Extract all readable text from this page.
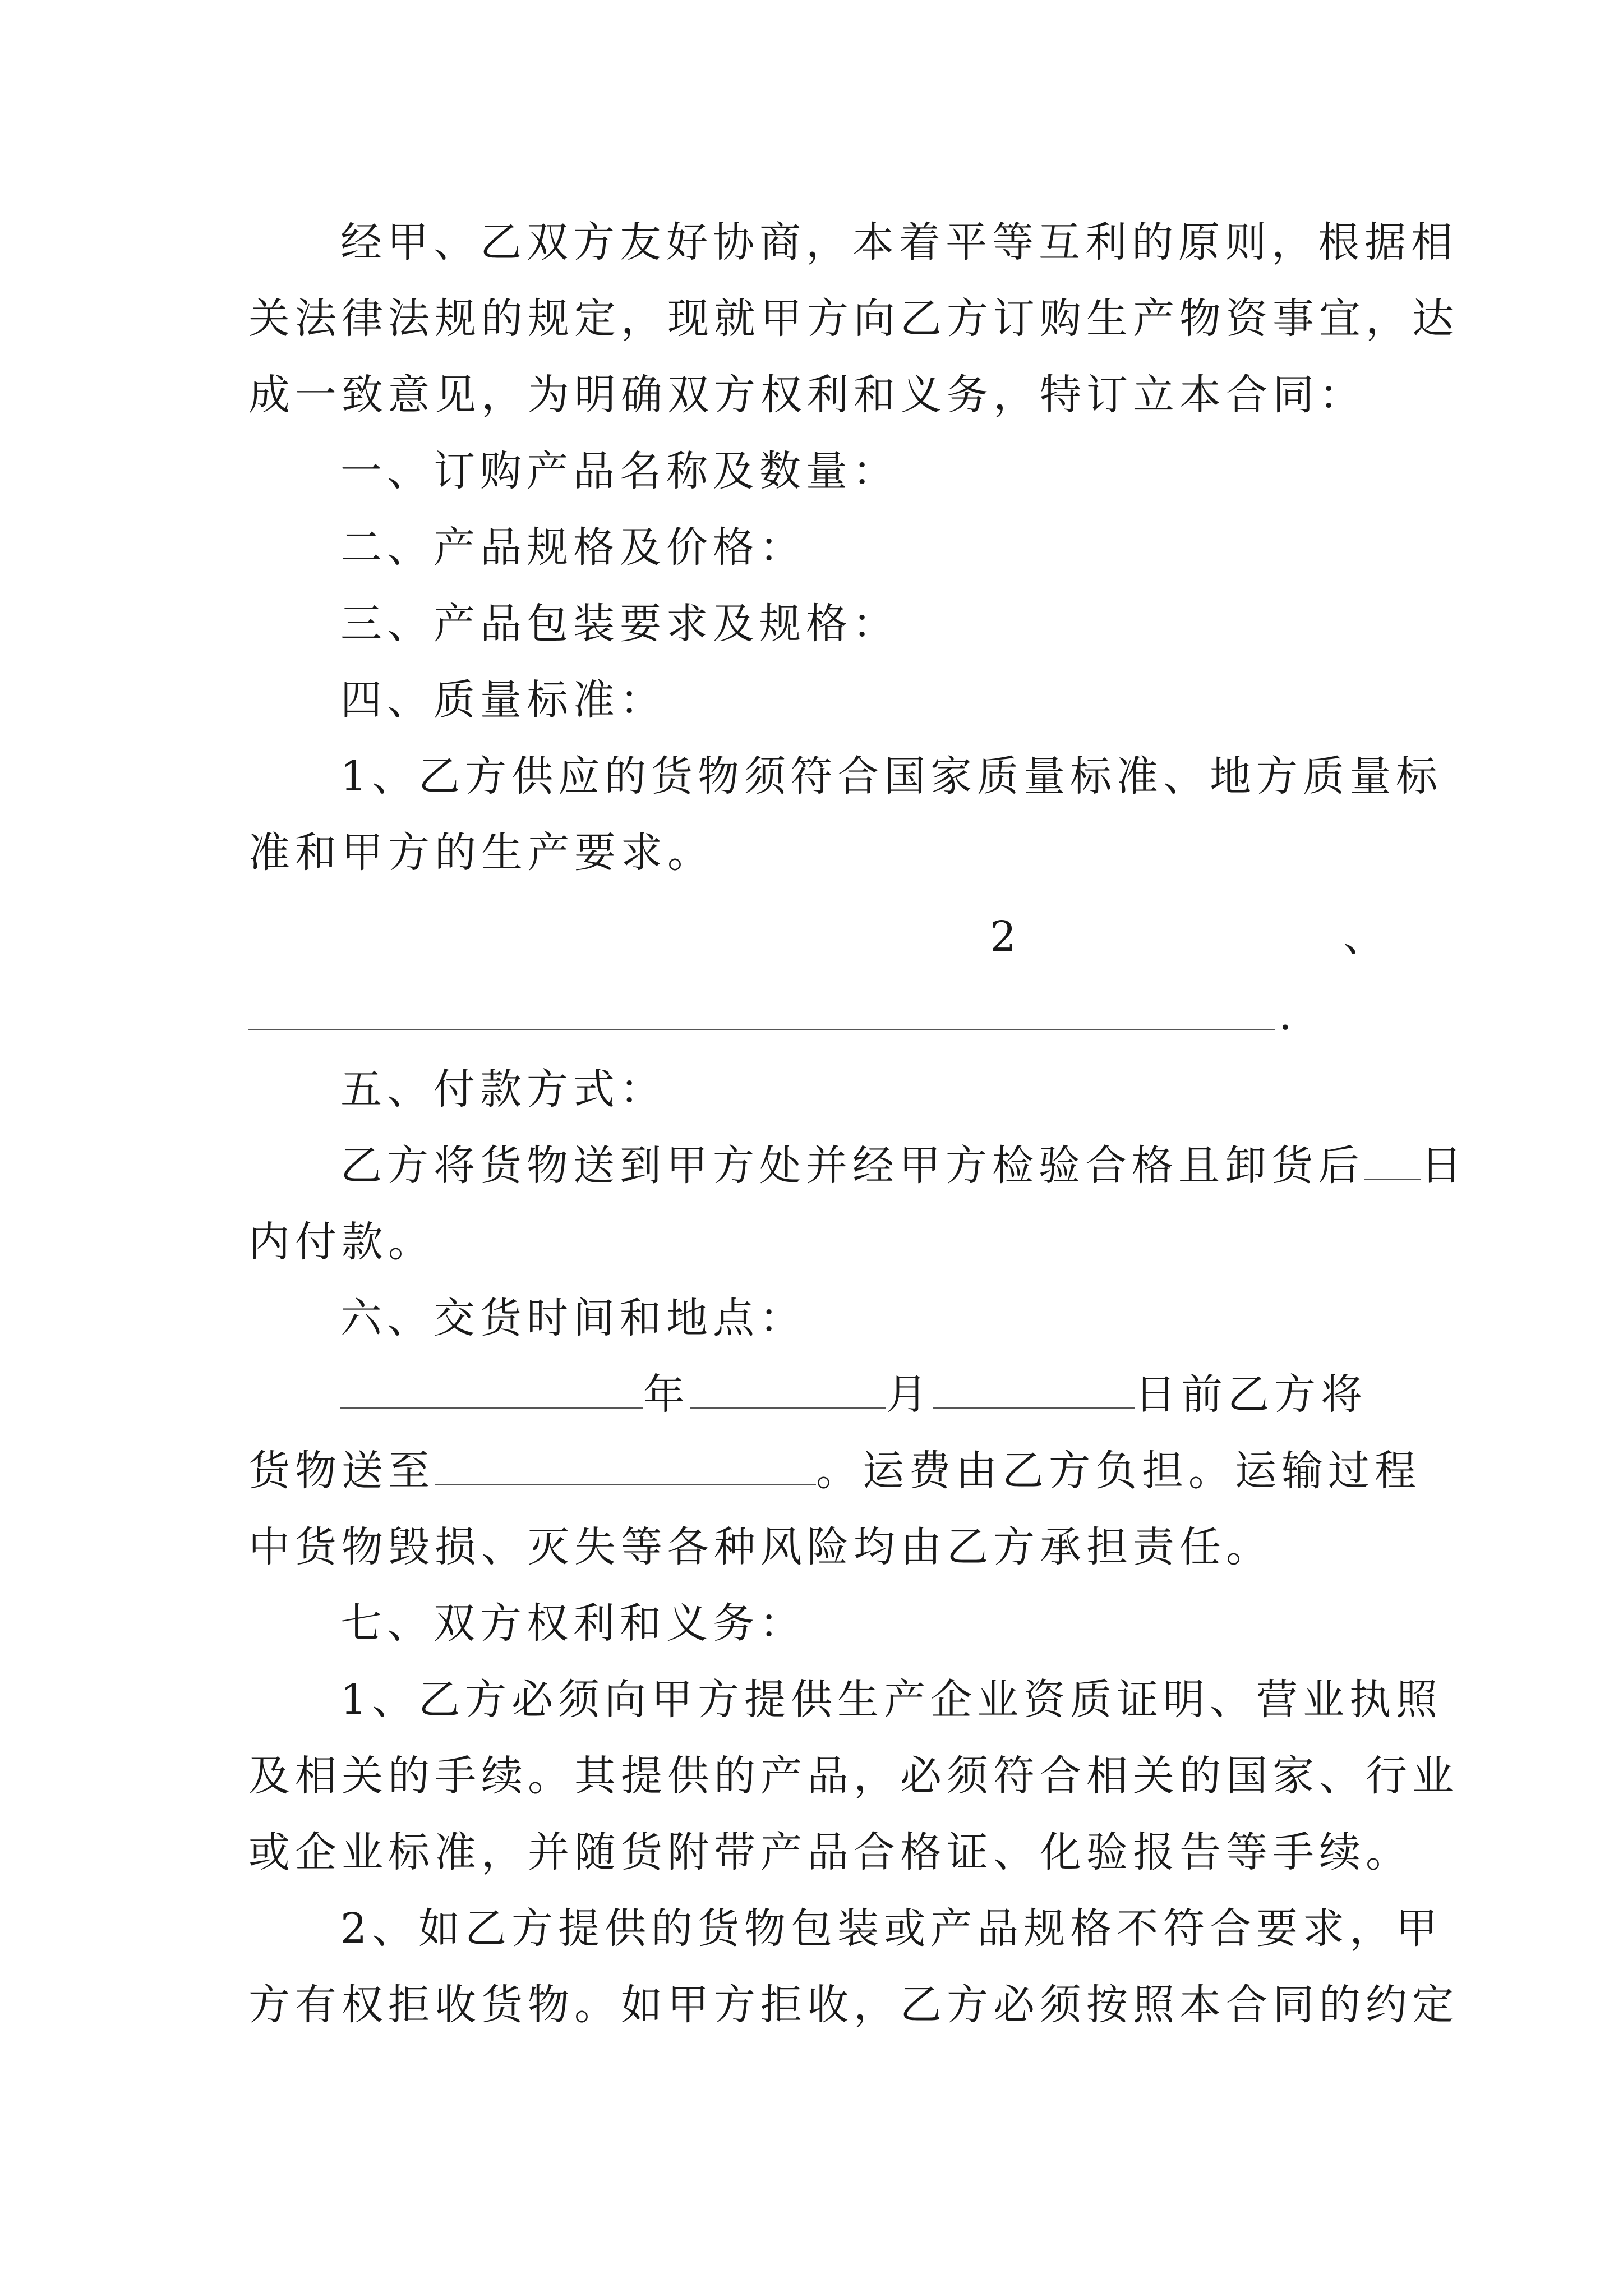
经甲、乙双方友好协商，本着平等互利的原则，根据相
关法律法规的规定，现就甲方向乙方订购生产物资事宜，达
成一致意见，为明确双方权利和义务，特订立本合同：
一、订购产品名称及数量：
二、产品规格及价格：
三、产品包装要求及规格：
四、质量标准：
1、乙方供应的货物须符合国家质量标准、地方质量标
准和甲方的生产要求。
2	、
.
五、付款方式：
乙方将货物送到甲方处并经甲方检验合格且卸货后 日
内付款。
六、交货时间和地点：
年	月	日前乙方将
货物送至	。运费由乙方负担。运输过程
中货物毁损、灭失等各种风险均由乙方承担责任。
七、双方权利和义务：
1、乙方必须向甲方提供生产企业资质证明、营业执照
及相关的手续。其提供的产品，必须符合相关的国家、行业
或企业标准，并随货附带产品合格证、化验报告等手续。
2、如乙方提供的货物包装或产品规格不符合要求，甲
方有权拒收货物。如甲方拒收，乙方必须按照本合同的约定
